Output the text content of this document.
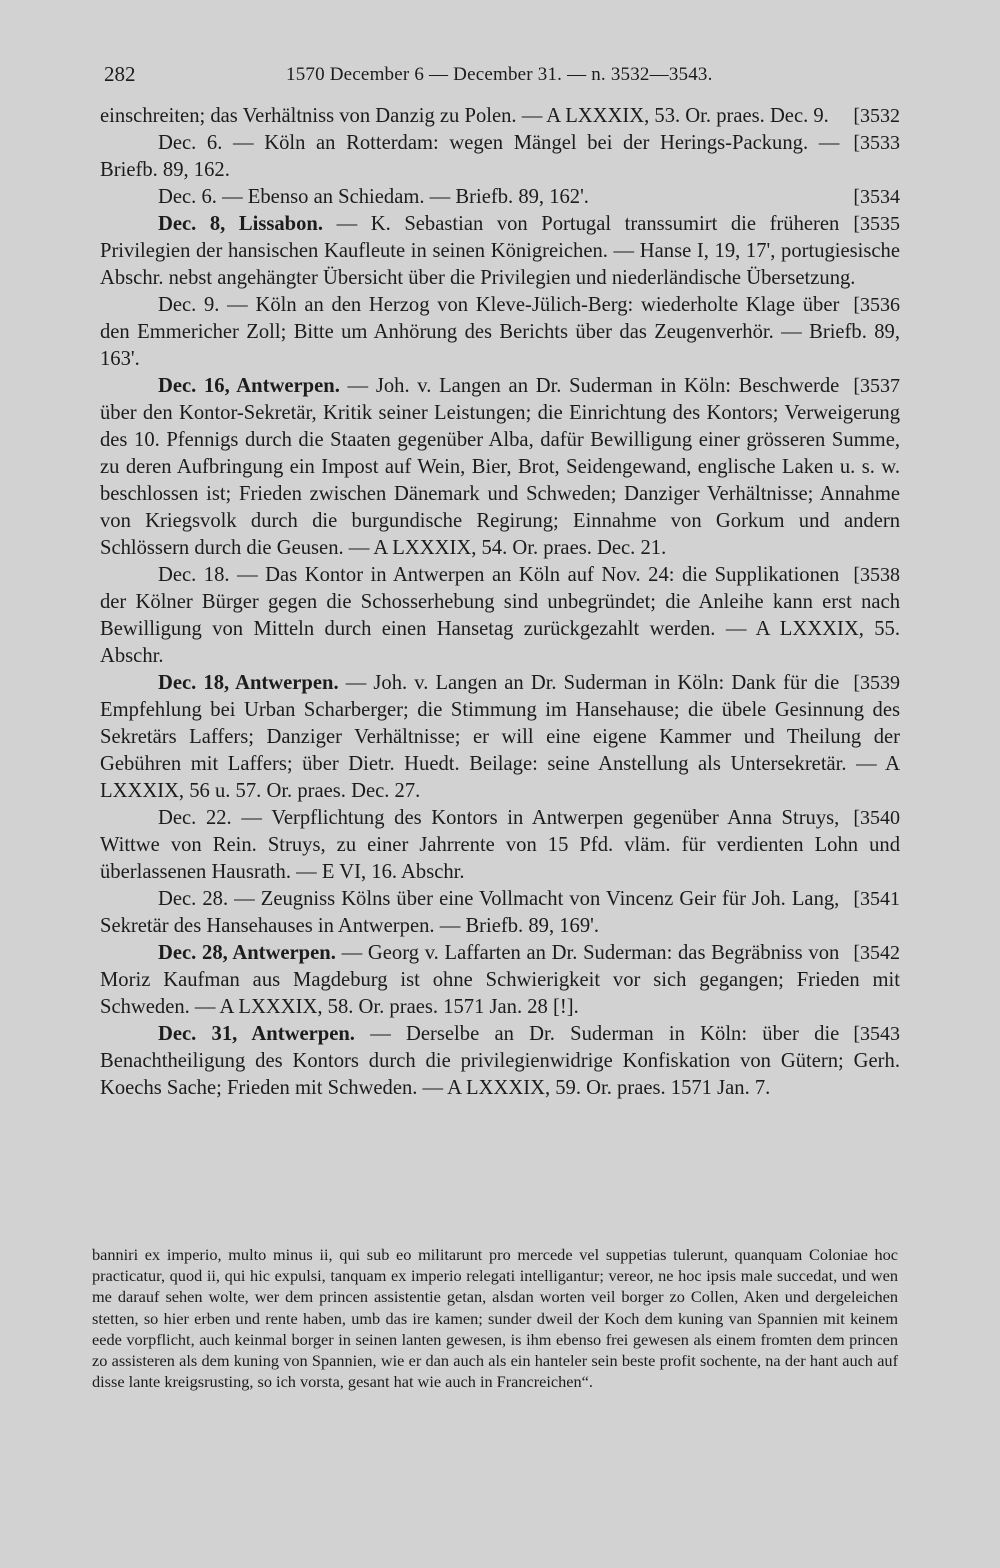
282	1570 December 6 — December 31. — n. 3532—3543.

[3532
einschreiten; das Verhältniss von Danzig zu Polen. — A LXXXIX, 53. Or. praes. Dec. 9.

[3533
Dec. 6. — Köln an Rotterdam: wegen Mängel bei der Herings-Packung. — Briefb. 89, 162.

[3534
Dec. 6. — Ebenso an Schiedam. — Briefb. 89, 162'.

[3535
Dec. 8, Lissabon. — K. Sebastian von Portugal transsumirt die früheren Privilegien der hansischen Kaufleute in seinen Königreichen. — Hanse I, 19, 17', portugiesische Abschr. nebst angehängter Übersicht über die Privilegien und niederländische Übersetzung.

[3536
Dec. 9. — Köln an den Herzog von Kleve-Jülich-Berg: wiederholte Klage über den Emmericher Zoll; Bitte um Anhörung des Berichts über das Zeugenverhör. — Briefb. 89, 163'.

[3537
Dec. 16, Antwerpen. — Joh. v. Langen an Dr. Suderman in Köln: Beschwerde über den Kontor-Sekretär, Kritik seiner Leistungen; die Einrichtung des Kontors; Verweigerung des 10. Pfennigs durch die Staaten gegenüber Alba, dafür Bewilligung einer grösseren Summe, zu deren Aufbringung ein Impost auf Wein, Bier, Brot, Seidengewand, englische Laken u. s. w. beschlossen ist; Frieden zwischen Dänemark und Schweden; Danziger Verhältnisse; Annahme von Kriegsvolk durch die burgundische Regirung; Einnahme von Gorkum und andern Schlössern durch die Geusen. — A LXXXIX, 54. Or. praes. Dec. 21.

[3538
Dec. 18. — Das Kontor in Antwerpen an Köln auf Nov. 24: die Supplikationen der Kölner Bürger gegen die Schosserhebung sind unbegründet; die Anleihe kann erst nach Bewilligung von Mitteln durch einen Hansetag zurückgezahlt werden. — A LXXXIX, 55. Abschr.

[3539
Dec. 18, Antwerpen. — Joh. v. Langen an Dr. Suderman in Köln: Dank für die Empfehlung bei Urban Scharberger; die Stimmung im Hansehause; die übele Gesinnung des Sekretärs Laffers; Danziger Verhältnisse; er will eine eigene Kammer und Theilung der Gebühren mit Laffers; über Dietr. Huedt. Beilage: seine Anstellung als Untersekretär. — A LXXXIX, 56 u. 57. Or. praes. Dec. 27.

[3540
Dec. 22. — Verpflichtung des Kontors in Antwerpen gegenüber Anna Struys, Wittwe von Rein. Struys, zu einer Jahrrente von 15 Pfd. vläm. für verdienten Lohn und überlassenen Hausrath. — E VI, 16. Abschr.

[3541
Dec. 28. — Zeugniss Kölns über eine Vollmacht von Vincenz Geir für Joh. Lang, Sekretär des Hansehauses in Antwerpen. — Briefb. 89, 169'.

[3542
Dec. 28, Antwerpen. — Georg v. Laffarten an Dr. Suderman: das Begräbniss von Moriz Kaufman aus Magdeburg ist ohne Schwierigkeit vor sich gegangen; Frieden mit Schweden. — A LXXXIX, 58. Or. praes. 1571 Jan. 28 [!].

[3543
Dec. 31, Antwerpen. — Derselbe an Dr. Suderman in Köln: über die Benachtheiligung des Kontors durch die privilegienwidrige Konfiskation von Gütern; Gerh. Koechs Sache; Frieden mit Schweden. — A LXXXIX, 59. Or. praes. 1571 Jan. 7.

banniri ex imperio, multo minus ii, qui sub eo militarunt pro mercede vel suppetias tulerunt, quanquam Coloniae hoc practicatur, quod ii, qui hic expulsi, tanquam ex imperio relegati intelligantur; vereor, ne hoc ipsis male succedat, und wen me darauf sehen wolte, wer dem princen assistentie getan, alsdan worten veil borger zo Collen, Aken und dergeleichen stetten, so hier erben und rente haben, umb das ire kamen; sunder dweil der Koch dem kuning van Spannien mit keinem eede vorpflicht, auch keinmal borger in seinen lanten gewesen, is ihm ebenso frei gewesen als einem fromten dem princen zo assisteren als dem kuning von Spannien, wie er dan auch als ein hanteler sein beste profit sochente, na der hant auch auf disse lante kreigsrusting, so ich vorsta, gesant hat wie auch in Francreichen“.
